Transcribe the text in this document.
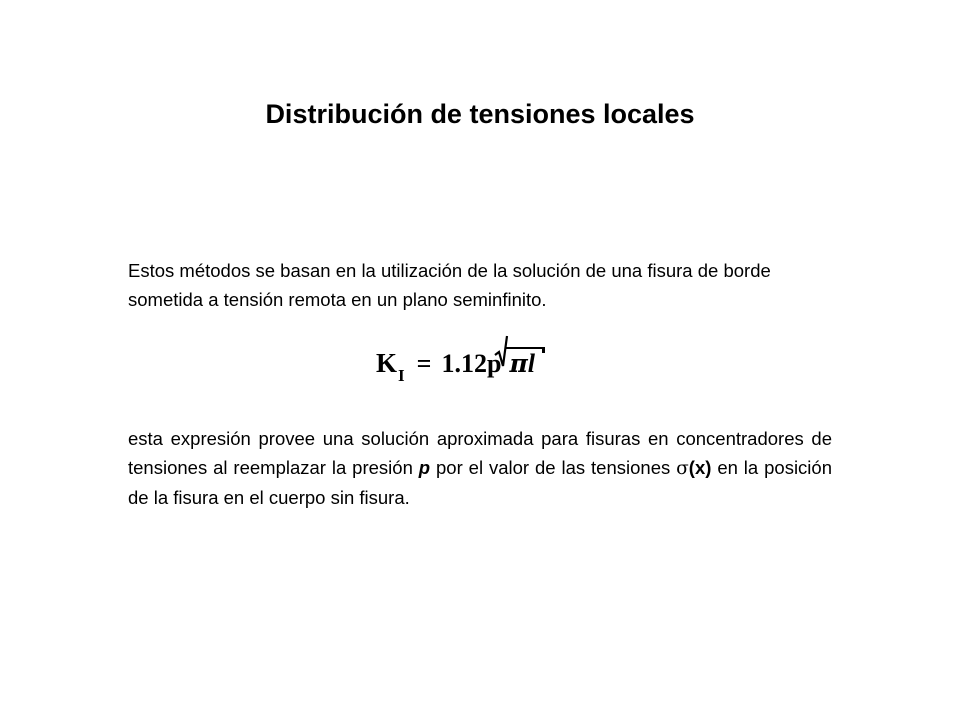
Distribución de tensiones locales
Estos métodos se basan en la utilización de la solución de una fisura de borde sometida a tensión remota en un plano seminfinito.
KI = 1.12p πl
esta expresión provee una solución aproximada para fisuras en concentradores de tensiones al reemplazar la presión p por el valor de las tensiones σ(x) en la posición de la fisura en el cuerpo sin fisura.
